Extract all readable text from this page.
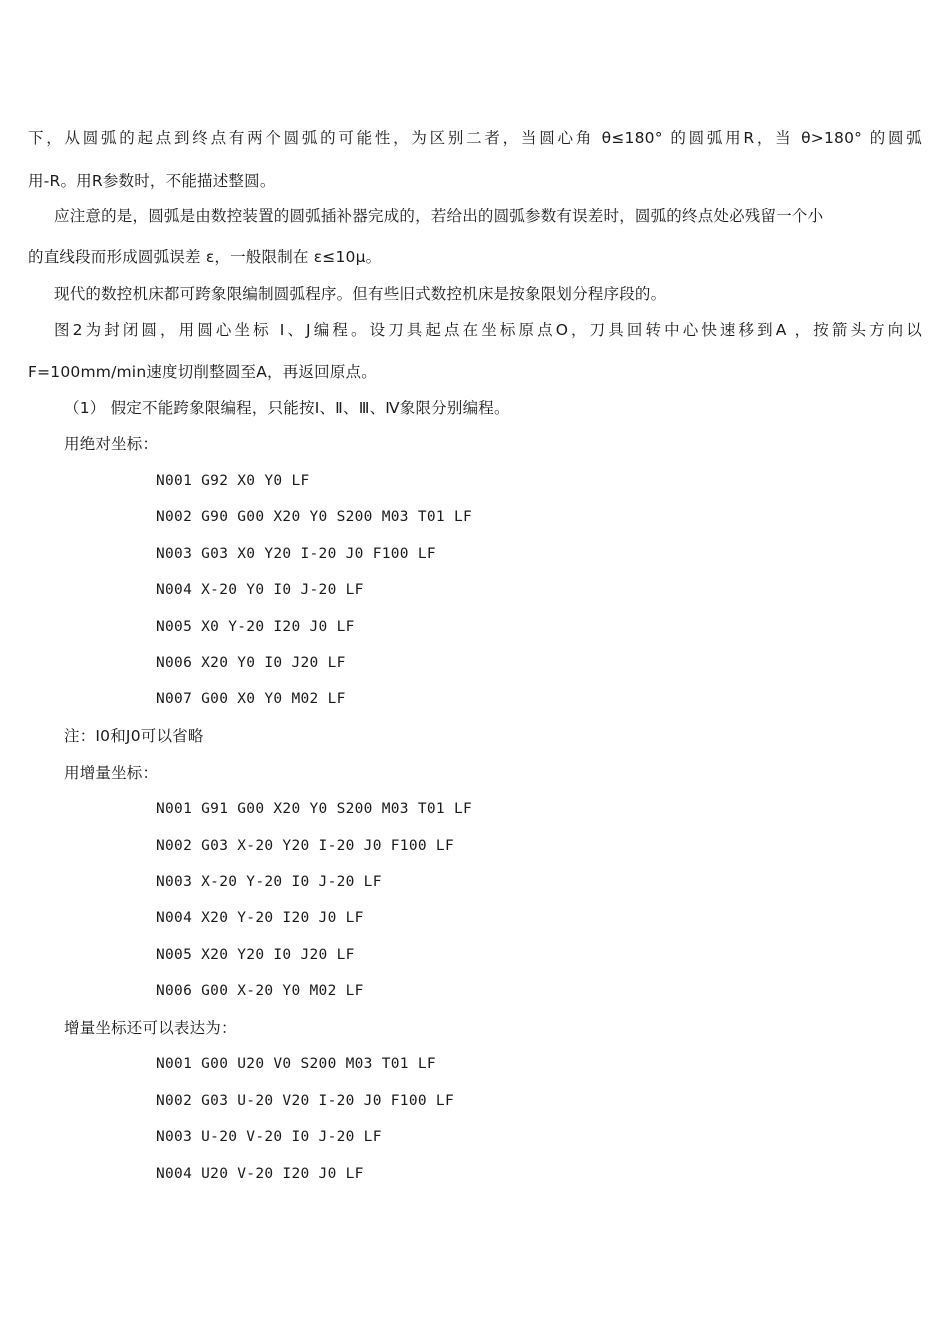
下，从圆弧的起点到终点有两个圆弧的可能性，为区别二者，当圆心角 θ≤180° 的圆弧用R，当 θ>180° 的圆弧
用-R。用R参数时，不能描述整圆。
应注意的是，圆弧是由数控装置的圆弧插补器完成的，若给出的圆弧参数有误差时，圆弧的终点处必残留一个小
的直线段而形成圆弧误差 ε，一般限制在 ε≤10μ。
现代的数控机床都可跨象限编制圆弧程序。但有些旧式数控机床是按象限划分程序段的。
图2为封闭圆，用圆心坐标 I、J编程。设刀具起点在坐标原点O，刀具回转中心快速移到A ，按箭头方向以
F=100mm/min速度切削整圆至A，再返回原点。
（1） 假定不能跨象限编程，只能按Ⅰ、Ⅱ、Ⅲ、Ⅳ象限分别编程。
用绝对坐标：
N001 G92 X0 Y0 LF
N002 G90 G00 X20 Y0 S200 M03 T01 LF
N003 G03 X0 Y20 I-20 J0 F100 LF
N004 X-20 Y0 I0 J-20 LF
N005 X0 Y-20 I20 J0 LF
N006 X20 Y0 I0 J20 LF
N007 G00 X0 Y0 M02 LF
注：I0和J0可以省略
用增量坐标：
N001 G91 G00 X20 Y0 S200 M03 T01 LF
N002 G03 X-20 Y20 I-20 J0 F100 LF
N003 X-20 Y-20 I0 J-20 LF
N004 X20 Y-20 I20 J0 LF
N005 X20 Y20 I0 J20 LF
N006 G00 X-20 Y0 M02 LF
增量坐标还可以表达为：
N001 G00 U20 V0 S200 M03 T01 LF
N002 G03 U-20 V20 I-20 J0 F100 LF
N003 U-20 V-20 I0 J-20 LF
N004 U20 V-20 I20 J0 LF
